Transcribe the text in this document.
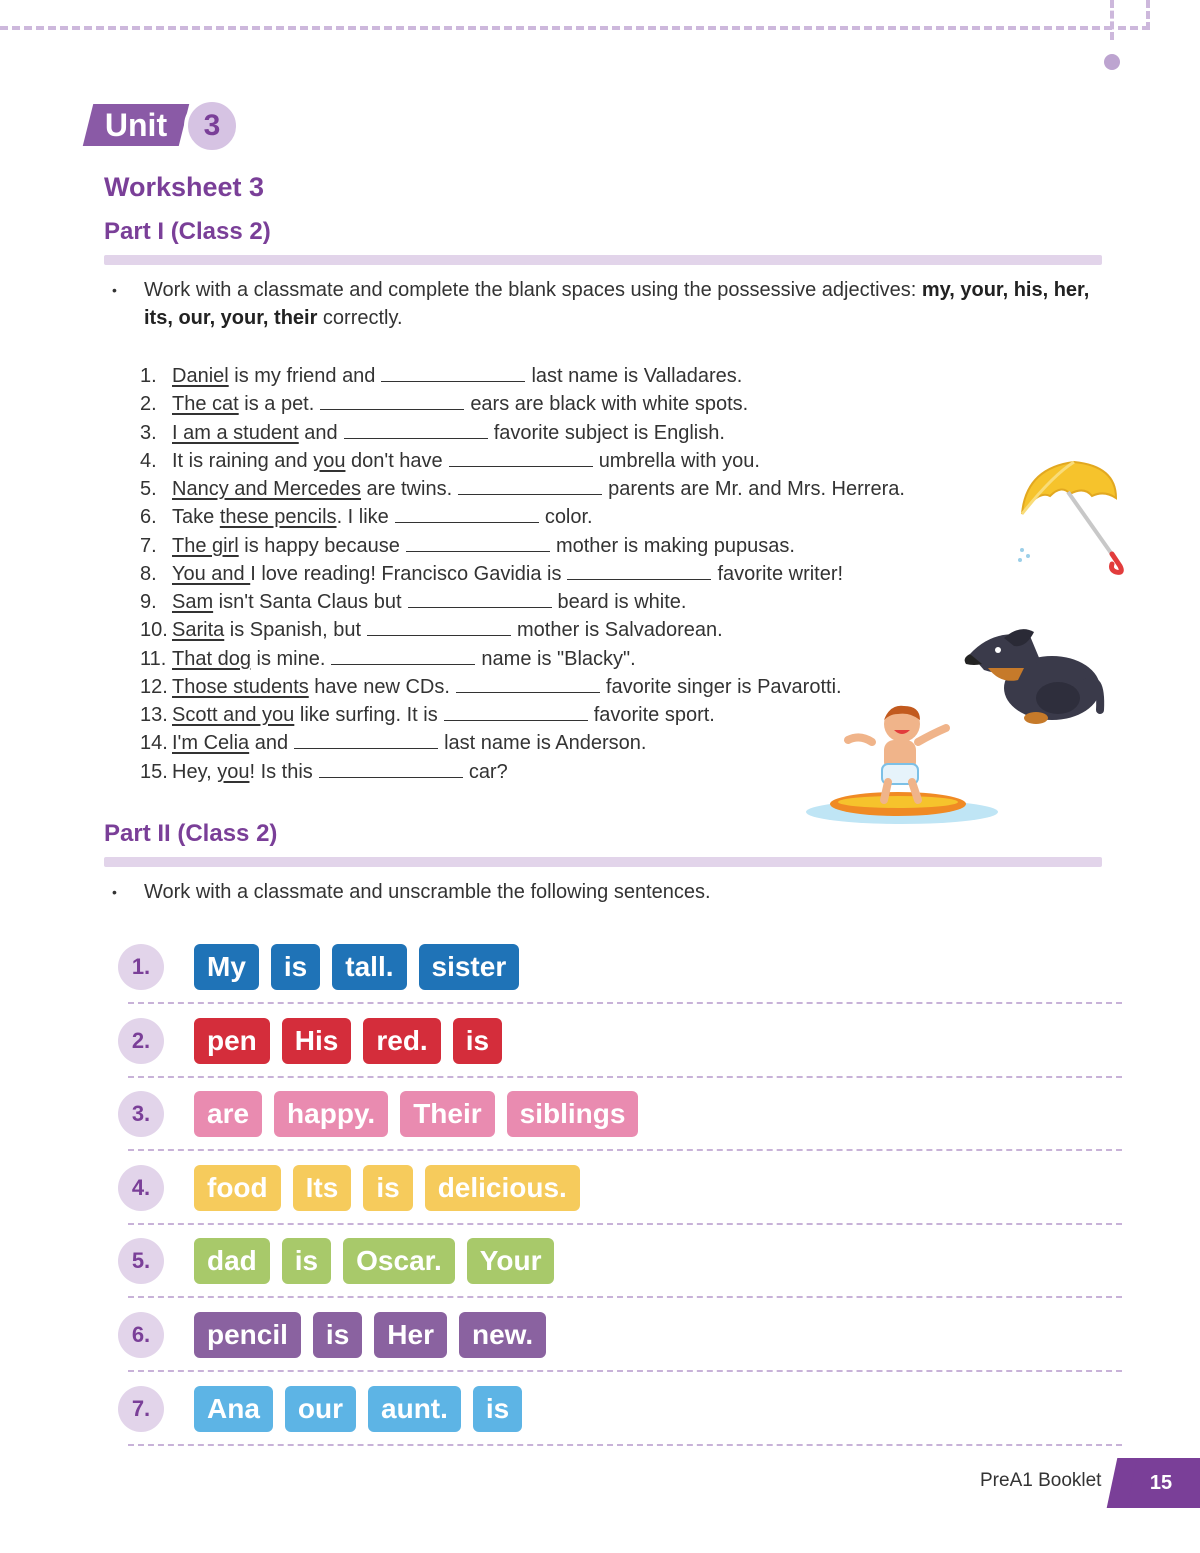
Unit	3
Worksheet 3
Part I (Class 2)
•	Work with a classmate and complete the blank spaces using the possessive adjectives: my, your, his, her, its, our, your, their correctly.
1. Daniel is my friend and	last name is Valladares.
2. The cat is a pet.	ears are black with white spots.
3. I am a student and	favorite subject is English.
4. It is raining and you don't have	umbrella with you.
5. Nancy and Mercedes are twins.	parents are Mr. and Mrs. Herrera.
6. Take these pencils. I like	color.
7. The girl is happy because	mother is making pupusas.
8. You and I love reading! Francisco Gavidia is	favorite writer!
9. Sam isn't Santa Claus but	beard is white.
10. Sarita is Spanish, but	mother is Salvadorean.
11. That dog is mine.	name is "Blacky".
12. Those students have new CDs.	favorite singer is Pavarotti.
13. Scott and you like surfing. It is	favorite sport.
14. I'm Celia and	last name is Anderson.
15. Hey, you! Is this	car?
Part II (Class 2)
•	Work with a classmate and unscramble the following sentences.
1.	My	is	tall.	sister
2.	pen	His	red.	is
3.	are	happy.	Their	siblings
4.	food	Its	is	delicious.
5.	dad	is	Oscar.	Your
6.	pencil	is	Her	new.
7.	Ana	our	aunt.	is
PreA1 Booklet	15
